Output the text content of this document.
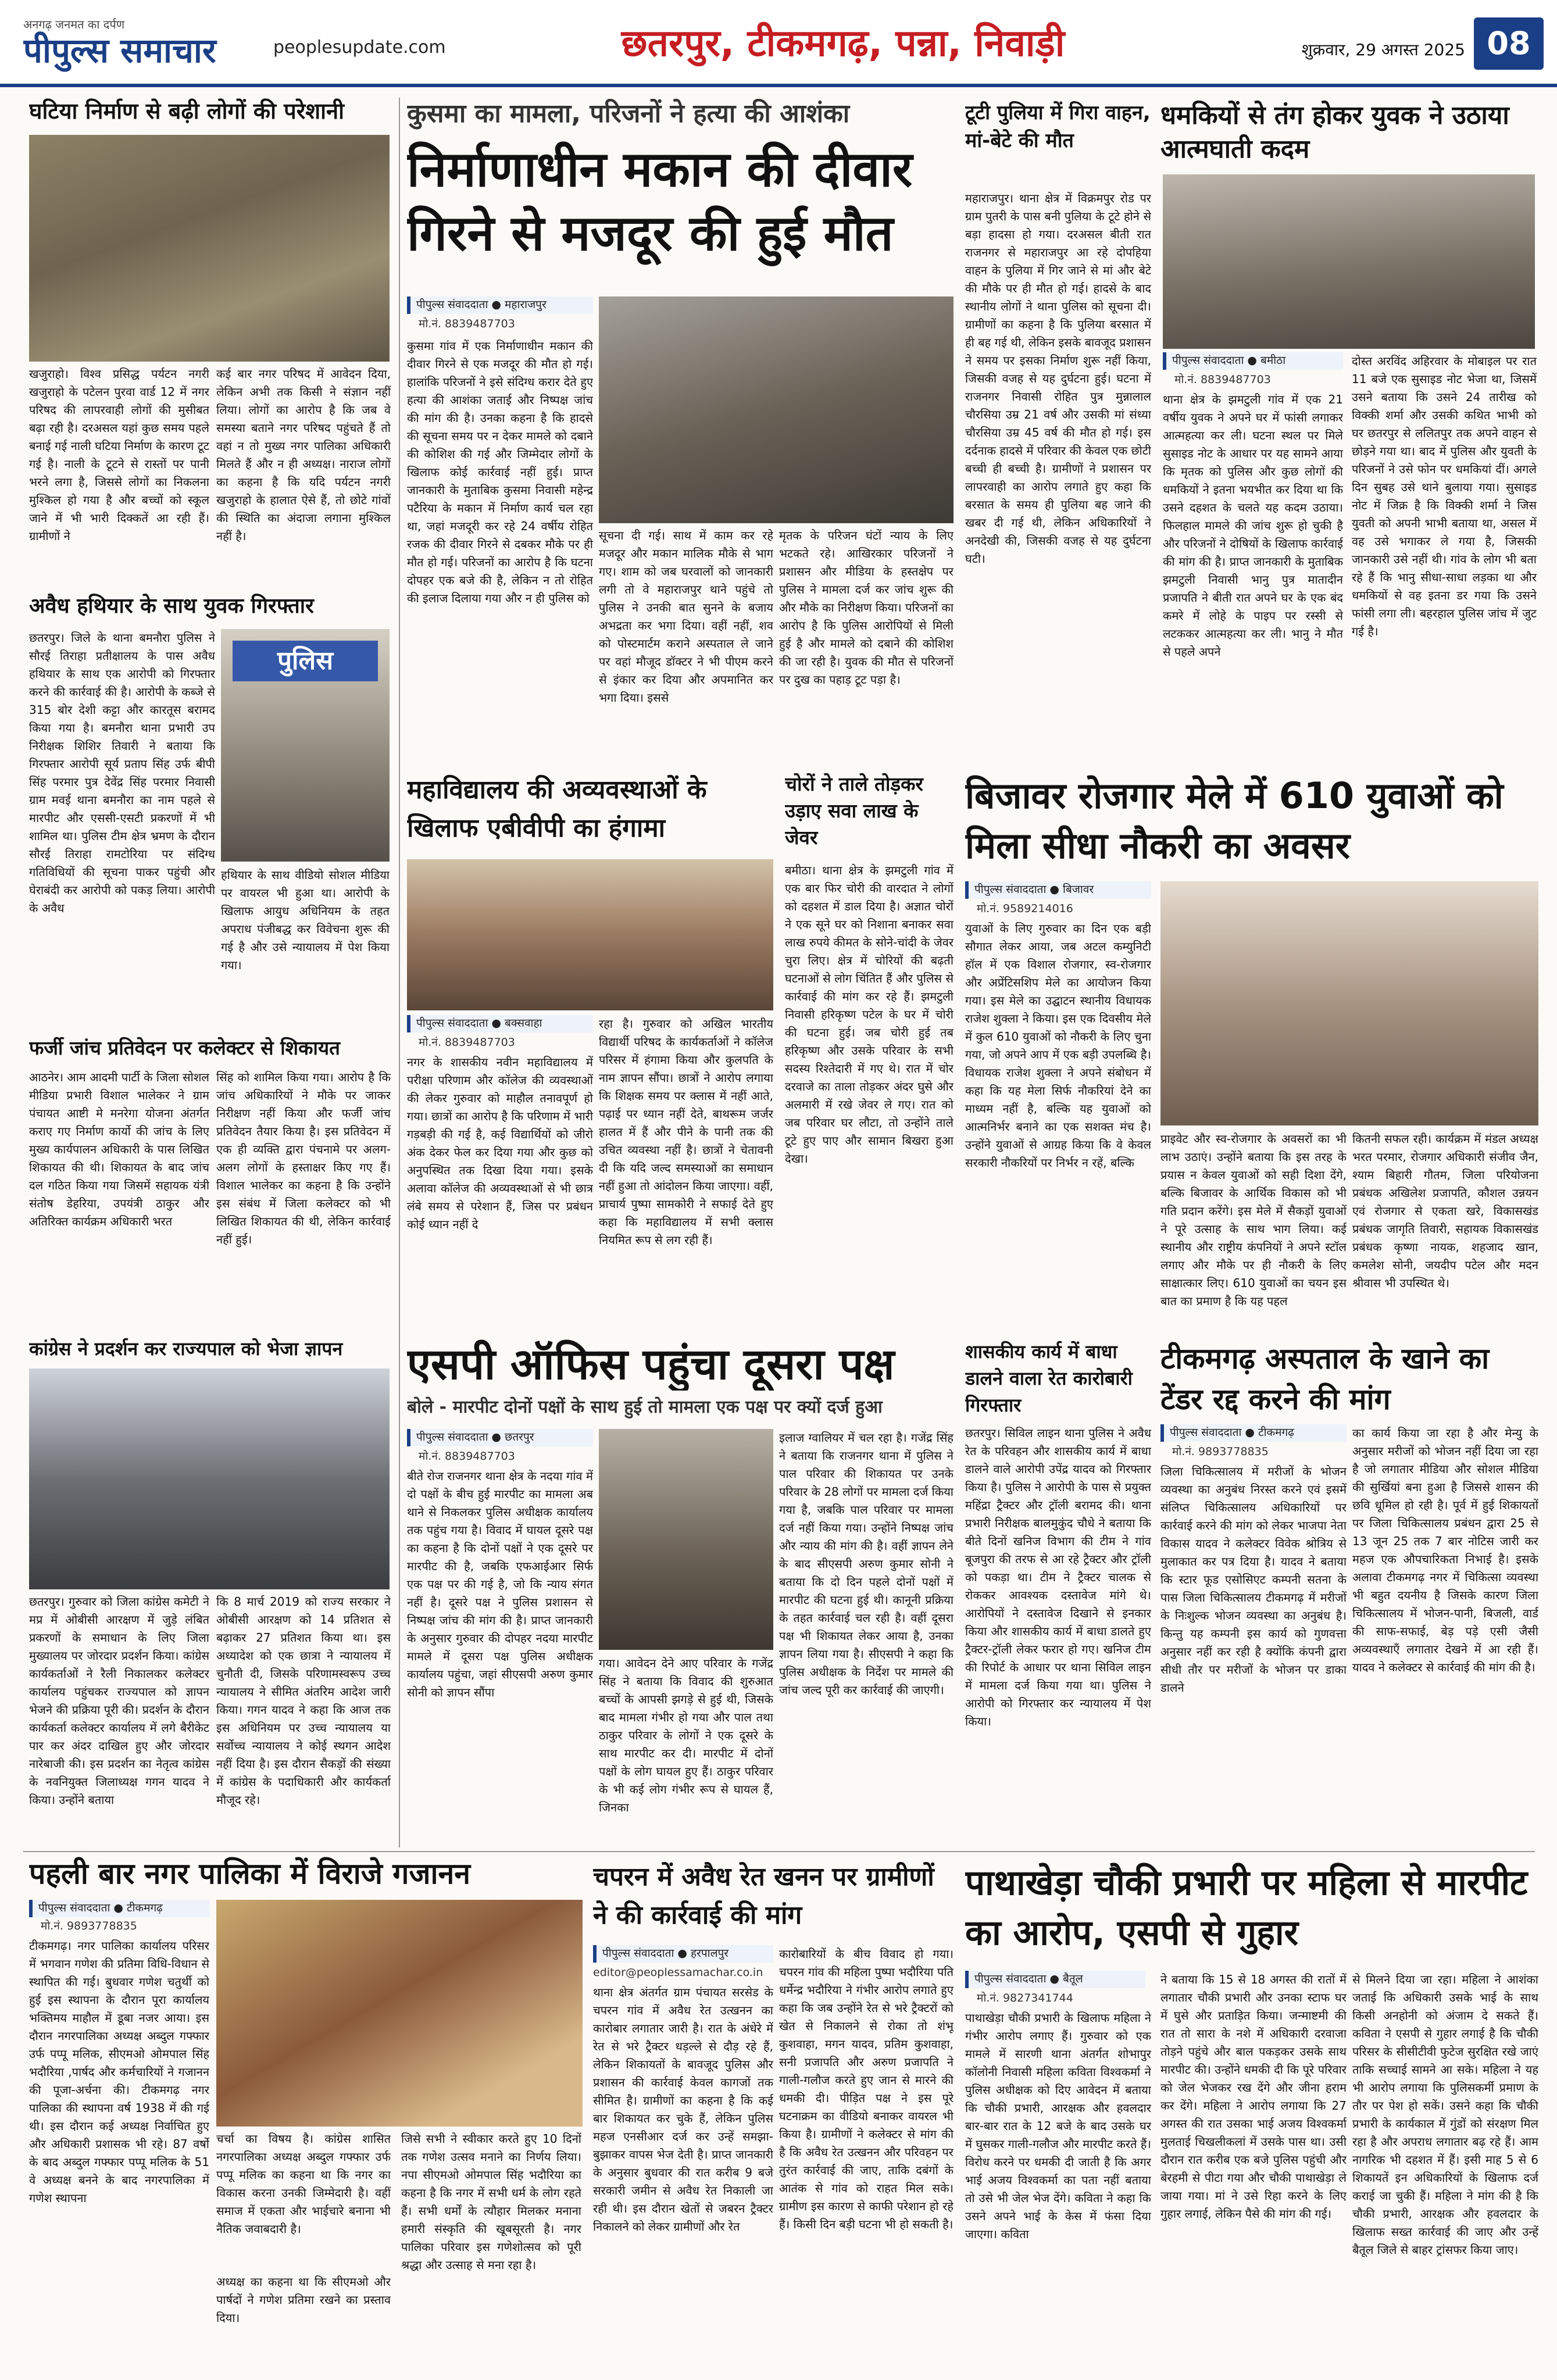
अनगढ़ जनमत का दर्पण
पीपुल्स समाचार	peoplesupdate.com	छतरपुर, टीकमगढ़, पन्ना, निवाड़ी	शुक्रवार, 29 अगस्त 2025 08
घटिया निर्माण से बढ़ी लोगों की परेशानी
खजुराहो। विश्व प्रसिद्ध पर्यटन नगरी खजुराहो के पटेलन पुरवा वार्ड 12 में नगर परिषद की लापरवाही लोगों की मुसीबत बढ़ा रही है। दरअसल यहां कुछ समय पहले बनाई गई नाली घटिया निर्माण के कारण टूट गई है। नाली के टूटने से रास्तों पर पानी भरने लगा है, जिससे लोगों का निकलना मुश्किल हो गया है और बच्चों को स्कूल जाने में भी भारी दिक्कतें आ रही हैं। ग्रामीणों ने
कई बार नगर परिषद में आवेदन दिया, लेकिन अभी तक किसी ने संज्ञान नहीं लिया। लोगों का आरोप है कि जब वे समस्या बताने नगर परिषद पहुंचते हैं तो वहां न तो मुख्य नगर पालिका अधिकारी मिलते हैं और न ही अध्यक्ष। नाराज लोगों का कहना है कि यदि पर्यटन नगरी खजुराहो के हालात ऐसे हैं, तो छोटे गांवों की स्थिति का अंदाजा लगाना मुश्किल नहीं है।
अवैध हथियार के साथ युवक गिरफ्तार
छतरपुर। जिले के थाना बमनौरा पुलिस ने सौरई तिराहा प्रतीक्षालय के पास अवैध हथियार के साथ एक आरोपी को गिरफ्तार करने की कार्रवाई की है। आरोपी के कब्जे से 315 बोर देशी कट्टा और कारतूस बरामद किया गया है। बमनौरा थाना प्रभारी उप निरीक्षक शिशिर तिवारी ने बताया कि गिरफ्तार आरोपी सूर्य प्रताप सिंह उर्फ बीपी सिंह परमार पुत्र देवेंद्र सिंह परमार निवासी ग्राम मवई थाना बमनौरा का नाम पहले से मारपीट और एससी-एसटी प्रकरणों में भी शामिल था। पुलिस टीम क्षेत्र भ्रमण के दौरान सौरई तिराहा रामटोरिया पर संदिग्ध गतिविधियों की सूचना पाकर पहुंची और घेराबंदी कर आरोपी को पकड़ लिया। आरोपी के अवैध
पुलिस
हथियार के साथ वीडियो सोशल मीडिया पर वायरल भी हुआ था। आरोपी के खिलाफ आयुध अधिनियम के तहत अपराध पंजीबद्ध कर विवेचना शुरू की गई है और उसे न्यायालय में पेश किया गया।
फर्जी जांच प्रतिवेदन पर कलेक्टर से शिकायत
आठनेर। आम आदमी पार्टी के जिला सोशल मीडिया प्रभारी विशाल भालेकर ने ग्राम पंचायत आष्टी मे मनरेगा योजना अंतर्गत कराए गए निर्माण कार्यो की जांच के लिए मुख्य कार्यपालन अधिकारी के पास लिखित शिकायत की थी। शिकायत के बाद जांच दल गठित किया गया जिसमें सहायक यंत्री संतोष डेहरिया, उपयंत्री ठाकुर और अतिरिक्त कार्यक्रम अधिकारी भरत
सिंह को शामिल किया गया। आरोप है कि जांच अधिकारियों ने मौके पर जाकर निरीक्षण नहीं किया और फर्जी जांच प्रतिवेदन तैयार किया है। इस प्रतिवेदन में एक ही व्यक्ति द्वारा पंचनामे पर अलग-अलग लोगों के हस्ताक्षर किए गए हैं। विशाल भालेकर का कहना है कि उन्होंने इस संबंध में जिला कलेक्टर को भी लिखित शिकायत की थी, लेकिन कार्रवाई नहीं हुई।
कांग्रेस ने प्रदर्शन कर राज्यपाल को भेजा ज्ञापन
छतरपुर। गुरुवार को जिला कांग्रेस कमेटी ने मप्र में ओबीसी आरक्षण में जुड़े लंबित प्रकरणों के समाधान के लिए जिला मुख्यालय पर जोरदार प्रदर्शन किया। कांग्रेस कार्यकर्ताओं ने रैली निकालकर कलेक्टर कार्यालय पहुंचकर राज्यपाल को ज्ञापन भेजने की प्रक्रिया पूरी की। प्रदर्शन के दौरान कार्यकर्ता कलेक्टर कार्यालय में लगे बैरीकेट पार कर अंदर दाखिल हुए और जोरदार नारेबाजी की। इस प्रदर्शन का नेतृत्व कांग्रेस के नवनियुक्त जिलाध्यक्ष गगन यादव ने किया। उन्होंने बताया
कि 8 मार्च 2019 को राज्य सरकार ने ओबीसी आरक्षण को 14 प्रतिशत से बढ़ाकर 27 प्रतिशत किया था। इस अध्यादेश को एक छात्रा ने न्यायालय में चुनौती दी, जिसके परिणामस्वरूप उच्च न्यायालय ने सीमित अंतरिम आदेश जारी किया। गगन यादव ने कहा कि आज तक इस अधिनियम पर उच्च न्यायालय या सर्वोच्च न्यायालय ने कोई स्थगन आदेश नहीं दिया है। इस दौरान सैकड़ों की संख्या में कांग्रेस के पदाधिकारी और कार्यकर्ता मौजूद रहे।
पहली बार नगर पालिका में विराजे गजानन
पीपुल्स संवाददाता ● टीकमगढ़
मो.नं. 9893778835
टीकमगढ़। नगर पालिका कार्यालय परिसर में भगवान गणेश की प्रतिमा विधि-विधान से स्थापित की गई। बुधवार गणेश चतुर्थी को हुई इस स्थापना के दौरान पूरा कार्यालय भक्तिमय माहौल में डूबा नजर आया। इस दौरान नगरपालिका अध्यक्ष अब्दुल गफ्फार उर्फ पप्पू मलिक, सीएमओ ओमपाल सिंह भदौरिया ,पार्षद और कर्मचारियों ने गजानन की पूजा-अर्चना की। टीकमगढ़ नगर पालिका की स्थापना वर्ष 1938 में की गई थी। इस दौरान कई अध्यक्ष निर्वाचित हुए और अधिकारी प्रशासक भी रहे। 87 वर्षो के बाद अब्दुल गफ्फार पप्पू मलिक के 51 वे अध्यक्ष बनने के बाद नगरपालिका में गणेश स्थापना
चर्चा का विषय है। कांग्रेस शासित नगरपालिका अध्यक्ष अब्दुल गफ्फार उर्फ पप्पू मलिक का कहना था कि नगर का विकास करना उनकी जिम्मेदारी है। वहीं समाज में एकता और भाईचारे बनाना भी नैतिक जवाबदारी है।
अध्यक्ष का कहना था कि सीएमओ और पार्षदों ने गणेश प्रतिमा रखने का प्रस्ताव दिया।
जिसे सभी ने स्वीकार करते हुए 10 दिनों तक गणेश उत्सव मनाने का निर्णय लिया। नपा सीएमओ ओमपाल सिंह भदौरिया का कहना है कि नगर में सभी धर्म के लोग रहते हैं। सभी धर्मों के त्यौहार मिलकर मनाना हमारी संस्कृति की खूबसूरती है। नगर पालिका परिवार इस गणेशोत्सव को पूरी श्रद्धा और उत्साह से मना रहा है।
कुसमा का मामला, परिजनों ने हत्या की आशंका
निर्माणाधीन मकान की दीवार गिरने से मजदूर की हुई मौत
पीपुल्स संवाददाता ● महाराजपुर
मो.नं. 8839487703
कुसमा गांव में एक निर्माणाधीन मकान की दीवार गिरने से एक मजदूर की मौत हो गई। हालांकि परिजनों ने इसे संदिग्ध करार देते हुए हत्या की आशंका जताई और निष्पक्ष जांच की मांग की है। उनका कहना है कि हादसे की सूचना समय पर न देकर मामले को दबाने की कोशिश की गई और जिम्मेदार लोगों के खिलाफ कोई कार्रवाई नहीं हुई। प्राप्त जानकारी के मुताबिक कुसमा निवासी महेन्द्र पटैरिया के मकान में निर्माण कार्य चल रहा था, जहां मजदूरी कर रहे 24 वर्षीय रोहित रजक की दीवार गिरने से दबकर मौके पर ही मौत हो गई। परिजनों का आरोप है कि घटना दोपहर एक बजे की है, लेकिन न तो रोहित की इलाज दिलाया गया और न ही पुलिस को
सूचना दी गई। साथ में काम कर रहे मजदूर और मकान मालिक मौके से भाग गए। शाम को जब घरवालों को जानकारी लगी तो वे महाराजपुर थाने पहुंचे तो पुलिस ने उनकी बात सुनने के बजाय अभद्रता कर भगा दिया। वहीं नहीं, शव को पोस्टमार्टम कराने अस्पताल ले जाने पर वहां मौजूद डॉक्टर ने भी पीएम करने से इंकार कर दिया और अपमानित कर भगा दिया। इससे
मृतक के परिजन घंटों न्याय के लिए भटकते रहे। आखिरकार परिजनों ने प्रशासन और मीडिया के हस्तक्षेप पर पुलिस ने मामला दर्ज कर जांच शुरू की और मौके का निरीक्षण किया। परिजनों का आरोप है कि पुलिस आरोपियों से मिली हुई है और मामले को दबाने की कोशिश की जा रही है। युवक की मौत से परिजनों पर दुख का पहाड़ टूट पड़ा है।
महाविद्यालय की अव्यवस्थाओं के खिलाफ एबीवीपी का हंगामा
पीपुल्स संवाददाता ● बक्सवाहा
मो.नं. 8839487703
नगर के शासकीय नवीन महाविद्यालय में परीक्षा परिणाम और कॉलेज की व्यवस्थाओं की लेकर गुरुवार को माहौल तनावपूर्ण हो गया। छात्रों का आरोप है कि परिणाम में भारी गड़बड़ी की गई है, कई विद्यार्थियों को जीरो अंक देकर फेल कर दिया गया और कुछ को अनुपस्थित तक दिखा दिया गया। इसके अलावा कॉलेज की अव्यवस्थाओं से भी छात्र लंबे समय से परेशान हैं, जिस पर प्रबंधन कोई ध्यान नहीं दे
रहा है। गुरुवार को अखिल भारतीय विद्यार्थी परिषद के कार्यकर्ताओं ने कॉलेज परिसर में हंगामा किया और कुलपति के नाम ज्ञापन सौंपा। छात्रों ने आरोप लगाया कि शिक्षक समय पर क्लास में नहीं आते, पढ़ाई पर ध्यान नहीं देते, बाथरूम जर्जर हालत में हैं और पीने के पानी तक की उचित व्यवस्था नहीं है। छात्रों ने चेतावनी दी कि यदि जल्द समस्याओं का समाधान नहीं हुआ तो आंदोलन किया जाएगा। वहीं, प्राचार्य पुष्पा सामकोरी ने सफाई देते हुए कहा कि महाविद्यालय में सभी क्लास नियमित रूप से लग रही हैं।
चोरों ने ताले तोड़कर उड़ाए सवा लाख के जेवर
बमीठा। थाना क्षेत्र के झमटुली गांव में एक बार फिर चोरी की वारदात ने लोगों को दहशत में डाल दिया है। अज्ञात चोरों ने एक सूने घर को निशाना बनाकर सवा लाख रुपये कीमत के सोने-चांदी के जेवर चुरा लिए। क्षेत्र में चोरियों की बढ़ती घटनाओं से लोग चिंतित हैं और पुलिस से कार्रवाई की मांग कर रहे हैं। झमटुली निवासी हरिकृष्ण पटेल के घर में चोरी की घटना हुई। जब चोरी हुई तब हरिकृष्ण और उसके परिवार के सभी सदस्य रिश्तेदारी में गए थे। रात में चोर दरवाजे का ताला तोड़कर अंदर घुसे और अलमारी में रखे जेवर ले गए। रात को जब परिवार घर लौटा, तो उन्होंने ताले टूटे हुए पाए और सामान बिखरा हुआ देखा।
टूटी पुलिया में गिरा वाहन, मां-बेटे की मौत
महाराजपुर। थाना क्षेत्र में विक्रमपुर रोड पर ग्राम पुतरी के पास बनी पुलिया के टूटे होने से बड़ा हादसा हो गया। दरअसल बीती रात राजनगर से महाराजपुर आ रहे दोपहिया वाहन के पुलिया में गिर जाने से मां और बेटे की मौके पर ही मौत हो गई। हादसे के बाद स्थानीय लोगों ने थाना पुलिस को सूचना दी। ग्रामीणों का कहना है कि पुलिया बरसात में ही बह गई थी, लेकिन इसके बावजूद प्रशासन ने समय पर इसका निर्माण शुरू नहीं किया, जिसकी वजह से यह दुर्घटना हुई। घटना में राजनगर निवासी रोहित पुत्र मुन्नालाल चौरसिया उम्र 21 वर्ष और उसकी मां संध्या चौरसिया उम्र 45 वर्ष की मौत हो गई। इस दर्दनाक हादसे में परिवार की केवल एक छोटी बच्ची ही बच्ची है। ग्रामीणों ने प्रशासन पर लापरवाही का आरोप लगाते हुए कहा कि बरसात के समय ही पुलिया बह जाने की खबर दी गई थी, लेकिन अधिकारियों ने अनदेखी की, जिसकी वजह से यह दुर्घटना घटी।
धमकियों से तंग होकर युवक ने उठाया आत्मघाती कदम
पीपुल्स संवाददाता ● बमीठा
मो.नं. 8839487703
थाना क्षेत्र के झमटुली गांव में एक 21 वर्षीय युवक ने अपने घर में फांसी लगाकर आत्महत्या कर ली। घटना स्थल पर मिले सुसाइड नोट के आधार पर यह सामने आया कि मृतक को पुलिस और कुछ लोगों की धमकियों ने इतना भयभीत कर दिया था कि उसने दहशत के चलते यह कदम उठाया। फिलहाल मामले की जांच शुरू हो चुकी है और परिजनों ने दोषियों के खिलाफ कार्रवाई की मांग की है। प्राप्त जानकारी के मुताबिक झमटुली निवासी भानु पुत्र मातादीन प्रजापति ने बीती रात अपने घर के एक बंद कमरे में लोहे के पाइप पर रस्सी से लटककर आत्महत्या कर ली। भानु ने मौत से पहले अपने
दोस्त अरविंद अहिरवार के मोबाइल पर रात 11 बजे एक सुसाइड नोट भेजा था, जिसमें उसने बताया कि उसने 24 तारीख को विक्की शर्मा और उसकी कथित भाभी को घर छतरपुर से ललितपुर तक अपने वाहन से छोड़ने गया था। बाद में पुलिस और युवती के परिजनों ने उसे फोन पर धमकियां दीं। अगले दिन सुबह उसे थाने बुलाया गया। सुसाइड नोट में जिक्र है कि विक्की शर्मा ने जिस युवती को अपनी भाभी बताया था, असल में वह उसे भगाकर ले गया है, जिसकी जानकारी उसे नहीं थी। गांव के लोग भी बता रहे हैं कि भानु सीधा-साधा लड़का था और धमकियों से वह इतना डर गया कि उसने फांसी लगा ली। बहरहाल पुलिस जांच में जुट गई है।
बिजावर रोजगार मेले में 610 युवाओं को मिला सीधा नौकरी का अवसर
पीपुल्स संवाददाता ● बिजावर
मो.नं. 9589214016
युवाओं के लिए गुरुवार का दिन एक बड़ी सौगात लेकर आया, जब अटल कम्युनिटी हॉल में एक विशाल रोजगार, स्व-रोजगार और अप्रेंटिसशिप मेले का आयोजन किया गया। इस मेले का उद्घाटन स्थानीय विधायक राजेश शुक्ला ने किया। इस एक दिवसीय मेले में कुल 610 युवाओं को नौकरी के लिए चुना गया, जो अपने आप में एक बड़ी उपलब्धि है। विधायक राजेश शुक्ला ने अपने संबोधन में कहा कि यह मेला सिर्फ नौकरियां देने का माध्यम नहीं है, बल्कि यह युवाओं को आत्मनिर्भर बनाने का एक सशक्त मंच है। उन्होंने युवाओं से आग्रह किया कि वे केवल सरकारी नौकरियों पर निर्भर न रहें, बल्कि
प्राइवेट और स्व-रोजगार के अवसरों का भी लाभ उठाएं। उन्होंने बताया कि इस तरह के प्रयास न केवल युवाओं को सही दिशा देंगे, बल्कि बिजावर के आर्थिक विकास को भी गति प्रदान करेंगे। इस मेले में सैकड़ों युवाओं ने पूरे उत्साह के साथ भाग लिया। कई स्थानीय और राष्ट्रीय कंपनियों ने अपने स्टॉल लगाए और मौके पर ही नौकरी के लिए साक्षात्कार लिए। 610 युवाओं का चयन इस बात का प्रमाण है कि यह पहल
कितनी सफल रही। कार्यक्रम में मंडल अध्यक्ष भरत परमार, रोजगार अधिकारी संजीव जैन, श्याम बिहारी गौतम, जिला परियोजना प्रबंधक अखिलेश प्रजापति, कौशल उन्नयन एवं रोजगार से एकता खरे, विकासखंड प्रबंधक जागृति तिवारी, सहायक विकासखंड प्रबंधक कृष्णा नायक, शहजाद खान, कमलेश सोनी, जयदीप पटेल और मदन श्रीवास भी उपस्थित थे।
एसपी ऑफिस पहुंचा दूसरा पक्ष
बोले - मारपीट दोनों पक्षों के साथ हुई तो मामला एक पक्ष पर क्यों दर्ज हुआ
पीपुल्स संवाददाता ● छतरपुर
मो.नं. 8839487703
बीते रोज राजनगर थाना क्षेत्र के नदया गांव में दो पक्षों के बीच हुई मारपीट का मामला अब थाने से निकलकर पुलिस अधीक्षक कार्यालय तक पहुंच गया है। विवाद में घायल दूसरे पक्ष का कहना है कि दोनों पक्षों ने एक दूसरे पर मारपीट की है, जबकि एफआईआर सिर्फ एक पक्ष पर की गई है, जो कि न्याय संगत नहीं है। दूसरे पक्ष ने पुलिस प्रशासन से निष्पक्ष जांच की मांग की है। प्राप्त जानकारी के अनुसार गुरुवार की दोपहर नदया मारपीट मामले में दूसरा पक्ष पुलिस अधीक्षक कार्यालय पहुंचा, जहां सीएसपी अरुण कुमार सोनी को ज्ञापन सौंपा
गया। आवेदन देने आए परिवार के गजेंद्र सिंह ने बताया कि विवाद की शुरुआत बच्चों के आपसी झगड़े से हुई थी, जिसके बाद मामला गंभीर हो गया और पाल तथा ठाकुर परिवार के लोगों ने एक दूसरे के साथ मारपीट कर दी। मारपीट में दोनों पक्षों के लोग घायल हुए हैं। ठाकुर परिवार के भी कई लोग गंभीर रूप से घायल हैं, जिनका
इलाज ग्वालियर में चल रहा है। गजेंद्र सिंह ने बताया कि राजनगर थाना में पुलिस ने पाल परिवार की शिकायत पर उनके परिवार के 28 लोगों पर मामला दर्ज किया गया है, जबकि पाल परिवार पर मामला दर्ज नहीं किया गया। उन्होंने निष्पक्ष जांच और न्याय की मांग की है। वहीं ज्ञापन लेने के बाद सीएसपी अरुण कुमार सोनी ने बताया कि दो दिन पहले दोनों पक्षों में मारपीट की घटना हुई थी। कानूनी प्रक्रिया के तहत कार्रवाई चल रही है। वहीं दूसरा पक्ष भी शिकायत लेकर आया है, उनका ज्ञापन लिया गया है। सीएसपी ने कहा कि पुलिस अधीक्षक के निर्देश पर मामले की जांच जल्द पूरी कर कार्रवाई की जाएगी।
शासकीय कार्य में बाधा डालने वाला रेत कारोबारी गिरफ्तार
छतरपुर। सिविल लाइन थाना पुलिस ने अवैध रेत के परिवहन और शासकीय कार्य में बाधा डालने वाले आरोपी उपेंद्र यादव को गिरफ्तार किया है। पुलिस ने आरोपी के पास से प्रयुक्त महिंद्रा ट्रैक्टर और ट्रॉली बरामद की। थाना प्रभारी निरीक्षक बालमुकुंद चौधे ने बताया कि बीते दिनों खनिज विभाग की टीम ने गांव बूजपुरा की तरफ से आ रहे ट्रैक्टर और ट्रॉली को पकड़ा था। टीम ने ट्रैक्टर चालक से रोककर आवश्यक दस्तावेज मांगे थे। आरोपियों ने दस्तावेज दिखाने से इनकार किया और शासकीय कार्य में बाधा डालते हुए ट्रैक्टर-ट्रॉली लेकर फरार हो गए। खनिज टीम की रिपोर्ट के आधार पर थाना सिविल लाइन में मामला दर्ज किया गया था। पुलिस ने आरोपी को गिरफ्तार कर न्यायालय में पेश किया।
टीकमगढ़ अस्पताल के खाने का टेंडर रद्द करने की मांग
पीपुल्स संवाददाता ● टीकमगढ़
मो.नं. 9893778835
जिला चिकित्सालय में मरीजों के भोजन व्यवस्था का अनुबंध निरस्त करने एवं इसमें संलिप्त चिकित्सालय अधिकारियों पर कार्रवाई करने की मांग को लेकर भाजपा नेता विकास यादव ने कलेक्टर विवेक श्रोत्रिय से मुलाकात कर पत्र दिया है। यादव ने बताया कि स्टार फूड एसोसिएट कम्पनी सतना के पास जिला चिकित्सालय टीकमगढ़ में मरीजों के निःशुल्क भोजन व्यवस्था का अनुबंध है। किन्तु यह कम्पनी इस कार्य को गुणवत्ता अनुसार नहीं कर रही है क्योंकि कंपनी द्वारा सीधी तौर पर मरीजों के भोजन पर डाका डालने
का कार्य किया जा रहा है और मेन्यु के अनुसार मरीजों को भोजन नहीं दिया जा रहा है जो लगातार मीडिया और सोशल मीडिया की सुर्खियां बना हुआ है जिससे शासन की छवि धूमिल हो रही है। पूर्व में हुई शिकायतों पर जिला चिकित्सालय प्रबंधन द्वारा 25 से 13 जून 25 तक 7 बार नोटिस जारी कर महज एक औपचारिकता निभाई है। इसके अलावा टीकमगढ़ नगर में चिकित्सा व्यवस्था भी बहुत दयनीय है जिसके कारण जिला चिकित्सालय में भोजन-पानी, बिजली, वार्ड की साफ-सफाई, बेड़ पड़े एसी जैसी अव्यवस्थाएँ लगातार देखने में आ रही हैं। यादव ने कलेक्टर से कार्रवाई की मांग की है।
चपरन में अवैध रेत खनन पर ग्रामीणों ने की कार्रवाई की मांग
पीपुल्स संवाददाता ● हरपालपुर
editor@peoplessamachar.co.in
थाना क्षेत्र अंतर्गत ग्राम पंचायत सरसेड के चपरन गांव में अवैध रेत उत्खनन का कारोबार लगातार जारी है। रात के अंधेरे में रेत से भरे ट्रैक्टर धड़ल्ले से दौड़ रहे हैं, लेकिन शिकायतों के बावजूद पुलिस और प्रशासन की कार्रवाई केवल कागजों तक सीमित है। ग्रामीणों का कहना है कि कई बार शिकायत कर चुके हैं, लेकिन पुलिस महज एनसीआर दर्ज कर उन्हें समझा-बुझाकर वापस भेज देती है। प्राप्त जानकारी के अनुसार बुधवार की रात करीब 9 बजे सरकारी जमीन से अवैध रेत निकाली जा रही थी। इस दौरान खेतों से जबरन ट्रैक्टर निकालने को लेकर ग्रामीणों और रेत
कारोबारियों के बीच विवाद हो गया। चपरन गांव की महिला पुष्पा भदौरिया पति धर्मेन्द्र भदौरिया ने गंभीर आरोप लगाते हुए कहा कि जब उन्होंने रेत से भरे ट्रैक्टरों को खेत से निकालने से रोका तो शंभू कुशवाहा, मगन यादव, प्रतिम कुशवाहा, सनी प्रजापति और अरुण प्रजापति ने गाली-गलौज करते हुए जान से मारने की धमकी दी। पीड़ित पक्ष ने इस पूरे घटनाक्रम का वीडियो बनाकर वायरल भी किया है। ग्रामीणों ने कलेक्टर से मांग की है कि अवैध रेत उत्खनन और परिवहन पर तुरंत कार्रवाई की जाए, ताकि दबंगों के आतंक से गांव को राहत मिल सके। ग्रामीण इस कारण से काफी परेशान हो रहे हैं। किसी दिन बड़ी घटना भी हो सकती है।
पाथाखेड़ा चौकी प्रभारी पर महिला से मारपीट का आरोप, एसपी से गुहार
पीपुल्स संवाददाता ● बैतूल
मो.नं. 9827341744
पाथाखेड़ा चौकी प्रभारी के खिलाफ महिला ने गंभीर आरोप लगाए हैं। गुरुवार को एक मामले में सारणी थाना अंतर्गत शोभापुर कॉलोनी निवासी महिला कविता विश्वकर्मा ने पुलिस अधीक्षक को दिए आवेदन में बताया कि चौकी प्रभारी, आरक्षक और हवलदार बार-बार रात के 12 बजे के बाद उसके घर में घुसकर गाली-गलौज और मारपीट करते हैं। विरोध करने पर धमकी दी जाती है कि अगर भाई अजय विश्वकर्मा का पता नहीं बताया तो उसे भी जेल भेज देंगे। कविता ने कहा कि उसने अपने भाई के केस में फंसा दिया जाएगा। कविता
ने बताया कि 15 से 18 अगस्त की रातों में लगातार चौकी प्रभारी और उनका स्टाफ घर में घुसे और प्रताड़ित किया। जन्माष्टमी की रात तो सारा के नशे में अधिकारी दरवाजा तोड़ने पहुंचे और बाल पकड़कर उसके साथ मारपीट की। उन्होंने धमकी दी कि पूरे परिवार को जेल भेजकर रख देंगे और जीना हराम कर देंगे। महिला ने आरोप लगाया कि 27 अगस्त की रात उसका भाई अजय विश्वकर्मा मुलताई चिखलीकलां में उसके पास था। उसी दौरान रात करीब एक बजे पुलिस पहुंची और बेरहमी से पीटा गया और चौकी पाथाखेड़ा ले जाया गया। मां ने उसे रिहा करने के लिए गुहार लगाई, लेकिन पैसे की मांग की गई।
से मिलने दिया जा रहा। महिला ने आशंका जताई कि अधिकारी उसके भाई के साथ किसी अनहोनी को अंजाम दे सकते हैं। कविता ने एसपी से गुहार लगाई है कि चौकी परिसर के सीसीटीवी फुटेज सुरक्षित रखे जाएं ताकि सच्चाई सामने आ सके। महिला ने यह भी आरोप लगाया कि पुलिसकर्मी प्रमाण के तौर पर पेश हो सकें। उसने कहा कि चौकी प्रभारी के कार्यकाल में गुंडों को संरक्षण मिल रहा है और अपराध लगातार बढ़ रहे हैं। आम नागरिक भी दहशत में हैं। इसी माह 5 से 6 शिकायतें इन अधिकारियों के खिलाफ दर्ज कराई जा चुकी हैं। महिला ने मांग की है कि चौकी प्रभारी, आरक्षक और हवलदार के खिलाफ सख्त कार्रवाई की जाए और उन्हें बैतूल जिले से बाहर ट्रांसफर किया जाए।
